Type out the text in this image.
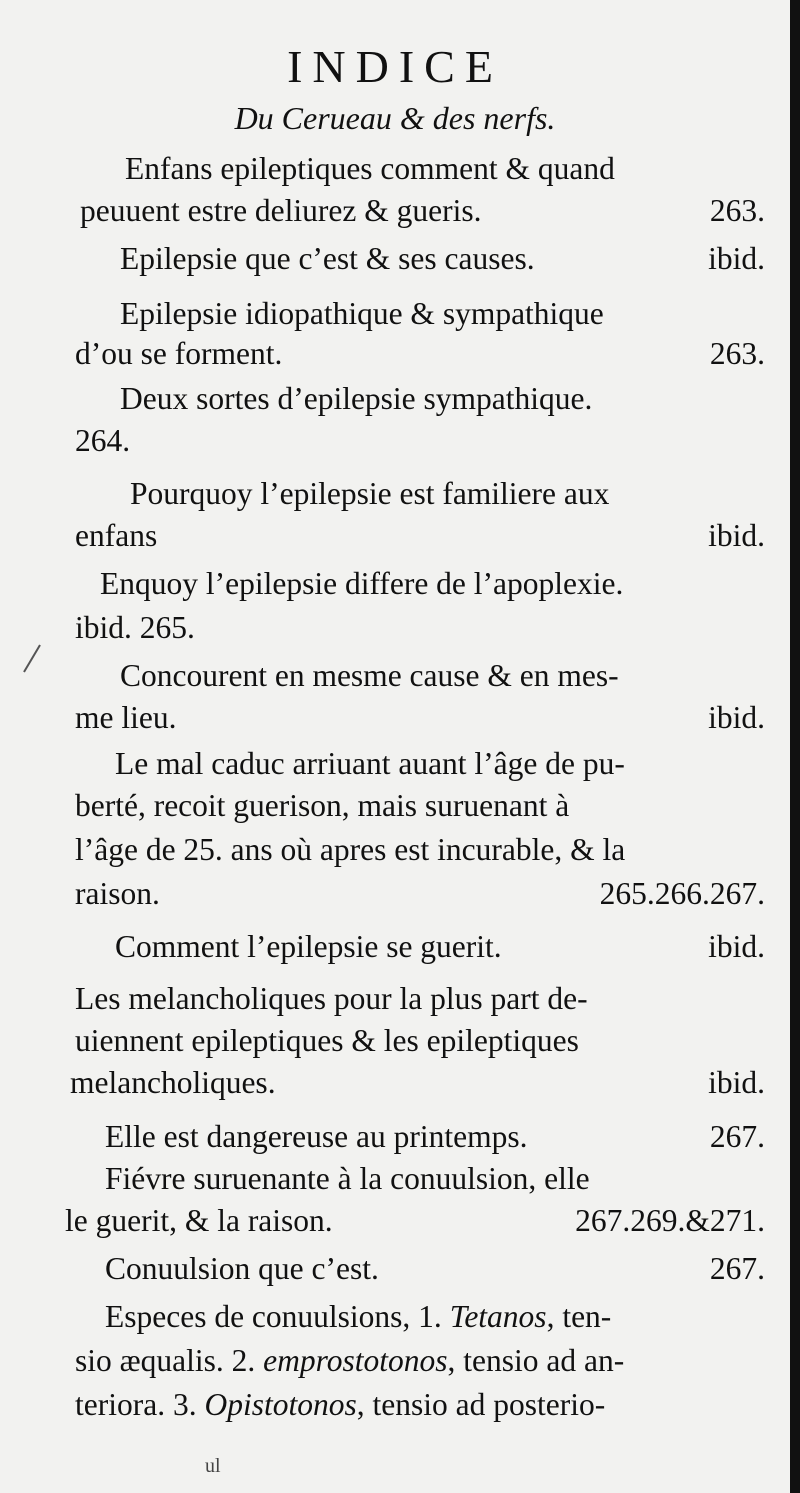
INDICE
Du Cerueau & des nerfs.
Enfans epileptiques comment & quand
peuuent estre deliurez & gueris.	263.
Epilepsie que c’est & ses causes.	ibid.
Epilepsie idiopathique & sympathique
d’ou se forment.	263.
Deux sortes d’epilepsie sympathique.
264.
Pourquoy l’epilepsie est familiere aux
enfans	ibid.
Enquoy l’epilepsie differe de l’apoplexie.
ibid. 265.
Concourent en mesme cause & en mes-
me lieu.	ibid.
Le mal caduc arriuant auant l’âge de pu-
berté, recoit guerison, mais suruenant à
l’âge de 25. ans où apres est incurable, & la
raison.	265.266.267.
Comment l’epilepsie se guerit.	ibid.
Les melancholiques pour la plus part de-
uiennent epileptiques & les epileptiques
melancholiques.	ibid.
Elle est dangereuse au printemps.	267.
Fiévre suruenante à la conuulsion, elle
le guerit, & la raison.	267.269.&271.
Conuulsion que c’est.	267.
Especes de conuulsions, 1. Tetanos, ten-
sio æqualis. 2. emprostotonos, tensio ad an-
teriora. 3. Opistotonos, tensio ad posterio-
ul
